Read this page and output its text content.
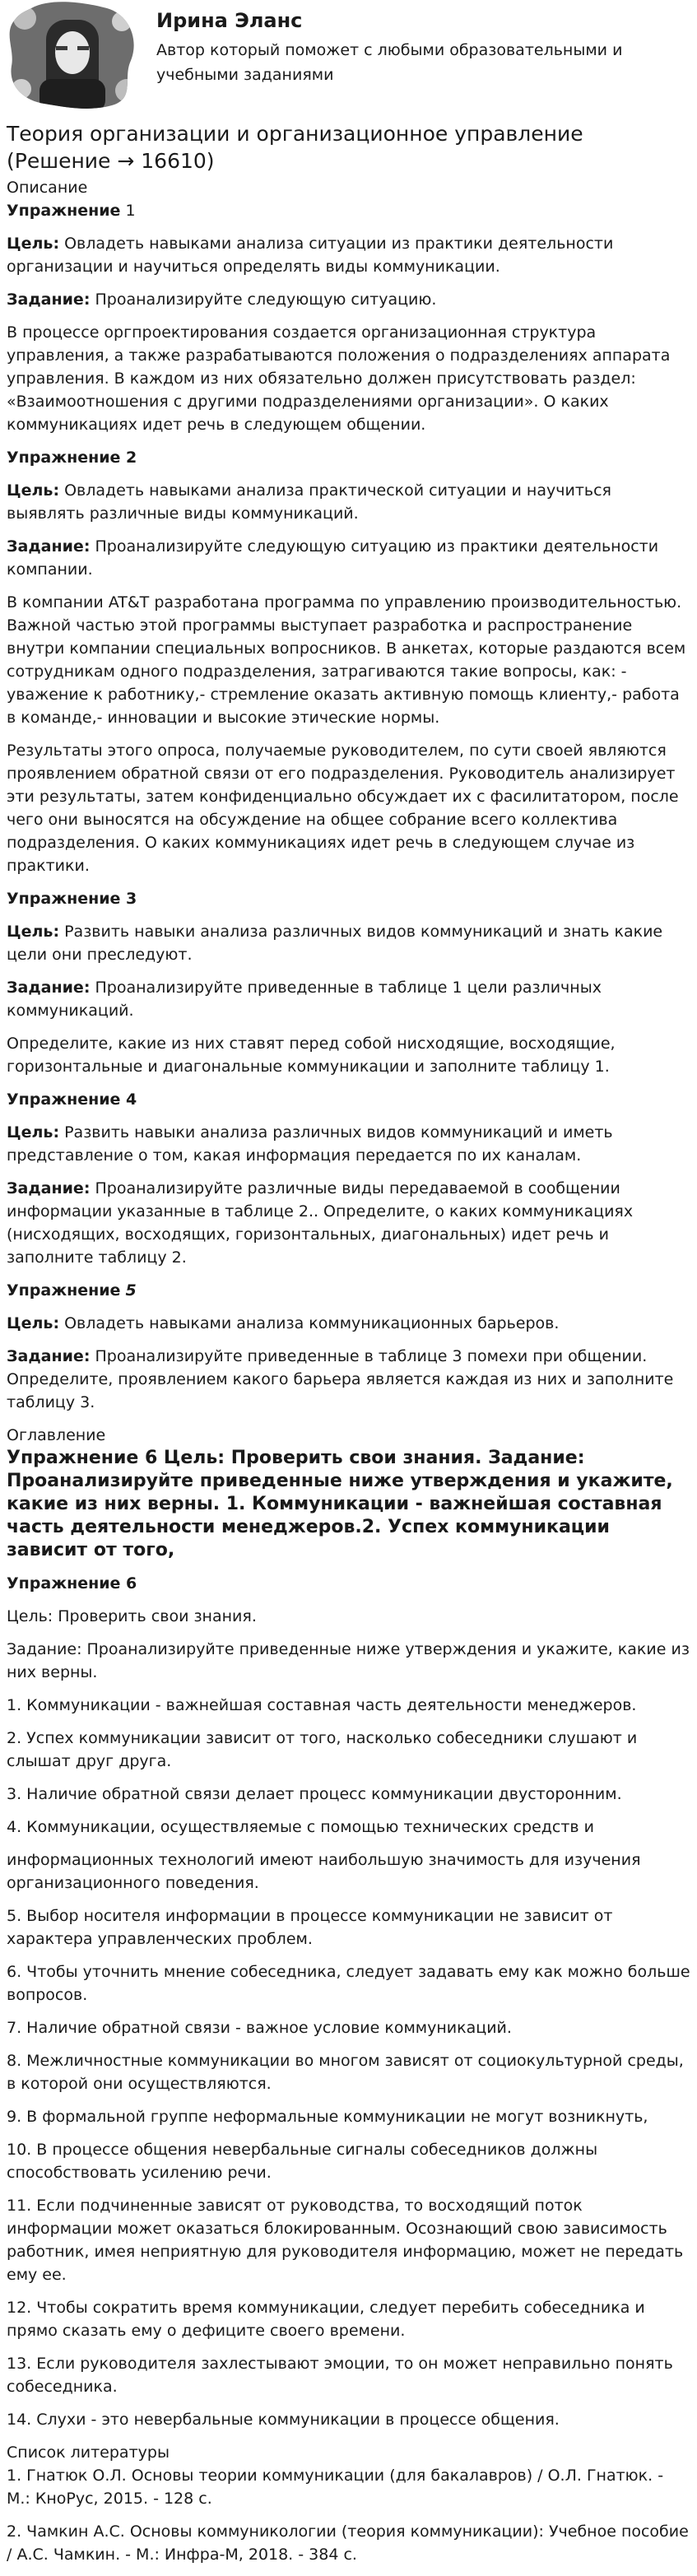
Ирина Эланс

Автор который поможет с любыми образовательными и учебными заданиями

Теория организации и организационное управление (Решение → 16610)
Описание

Упражнение 1

Цель: Овладеть навыками анализа ситуации из практики деятельности организации и научиться определять виды коммуникации.

Задание: Проанализируйте следующую ситуацию.

В процессе оргпроектирования создается организационная структура управления, а также разрабатываются положения о подразделениях аппарата управления. В каждом из них обязательно должен присутствовать раздел: «Взаимоотношения с другими подразделениями организации». О каких коммуникациях идет речь в следующем общении.

Упражнение 2

Цель: Овладеть навыками анализа практической ситуации и научиться выявлять различные виды коммуникаций.

Задание: Проанализируйте следующую ситуацию из практики деятельности компании.

В компании AT&T разработана программа по управлению производительностью. Важной частью этой программы выступает разработка и распространение внутри компании специальных вопросников. В анкетах, которые раздаются всем сотрудникам одного подразделения, затрагиваются такие вопросы, как: - уважение к работнику,- стремление оказать активную помощь клиенту,- работа в команде,- инновации и высокие этические нормы.

Результаты этого опроса, получаемые руководителем, по сути своей являются проявлением обратной связи от его подразделения. Руководитель анализирует эти результаты, затем конфиденциально обсуждает их с фасилитатором, после чего они выносятся на обсуждение на общее собрание всего коллектива подразделения. О каких коммуникациях идет речь в следующем случае из практики.

Упражнение 3

Цель: Развить навыки анализа различных видов коммуникаций и знать какие цели они преследуют.

Задание: Проанализируйте приведенные в таблице 1 цели различных коммуникаций.

Определите, какие из них ставят перед собой нисходящие, восходящие, горизонтальные и диагональные коммуникации и заполните таблицу 1.

Упражнение 4

Цель: Развить навыки анализа различных видов коммуникаций и иметь представление о том, какая информация передается по их каналам.

Задание: Проанализируйте различные виды передаваемой в сообщении информации указанные в таблице 2.. Определите, о каких коммуникациях (нисходящих, восходящих, горизонтальных, диагональных) идет речь и заполните таблицу 2.

Упражнение 5

Цель: Овладеть навыками анализа коммуникационных барьеров.

Задание: Проанализируйте приведенные в таблице 3 помехи при общении. Определите, проявлением какого барьера является каждая из них и заполните таблицу 3.

Оглавление
Упражнение 6 Цель: Проверить свои знания. Задание: Проанализируйте приведенные ниже утверждения и укажите, какие из них верны. 1. Коммуникации - важнейшая составная часть деятельности менеджеров.2. Успех коммуникации зависит от того,

Упражнение 6

Цель: Проверить свои знания.

Задание: Проанализируйте приведенные ниже утверждения и укажите, какие из них верны.

1. Коммуникации - важнейшая составная часть деятельности менеджеров.

2. Успех коммуникации зависит от того, насколько собеседники слушают и слышат друг друга.

3. Наличие обратной связи делает процесс коммуникации двусторонним.

4. Коммуникации, осуществляемые с помощью технических средств и

информационных технологий имеют наибольшую значимость для изучения организационного поведения.

5. Выбор носителя информации в процессе коммуникации не зависит от характера управленческих проблем.

6. Чтобы уточнить мнение собеседника, следует задавать ему как можно больше вопросов.

7. Наличие обратной связи - важное условие коммуникаций.

8. Межличностные коммуникации во многом зависят от социокультурной среды, в которой они осуществляются.

9. В формальной группе неформальные коммуникации не могут возникнуть,

10. В процессе общения невербальные сигналы собеседников должны способствовать усилению речи.

11. Если подчиненные зависят от руководства, то восходящий поток информации может оказаться блокированным. Осознающий свою зависимость работник, имея неприятную для руководителя информацию, может не передать ему ее.

12. Чтобы сократить время коммуникации, следует перебить собеседника и прямо сказать ему о дефиците своего времени.

13. Если руководителя захлестывают эмоции, то он может неправильно понять собеседника.

14. Слухи - это невербальные коммуникации в процессе общения.

Список литературы

1. Гнатюк О.Л. Основы теории коммуникации (для бакалавров) / О.Л. Гнатюк. - М.: КноРус, 2015. - 128 с.

2. Чамкин А.С. Основы коммуникологии (теория коммуникации): Учебное пособие / А.С. Чамкин. - М.: Инфра-М, 2018. - 384 с.
